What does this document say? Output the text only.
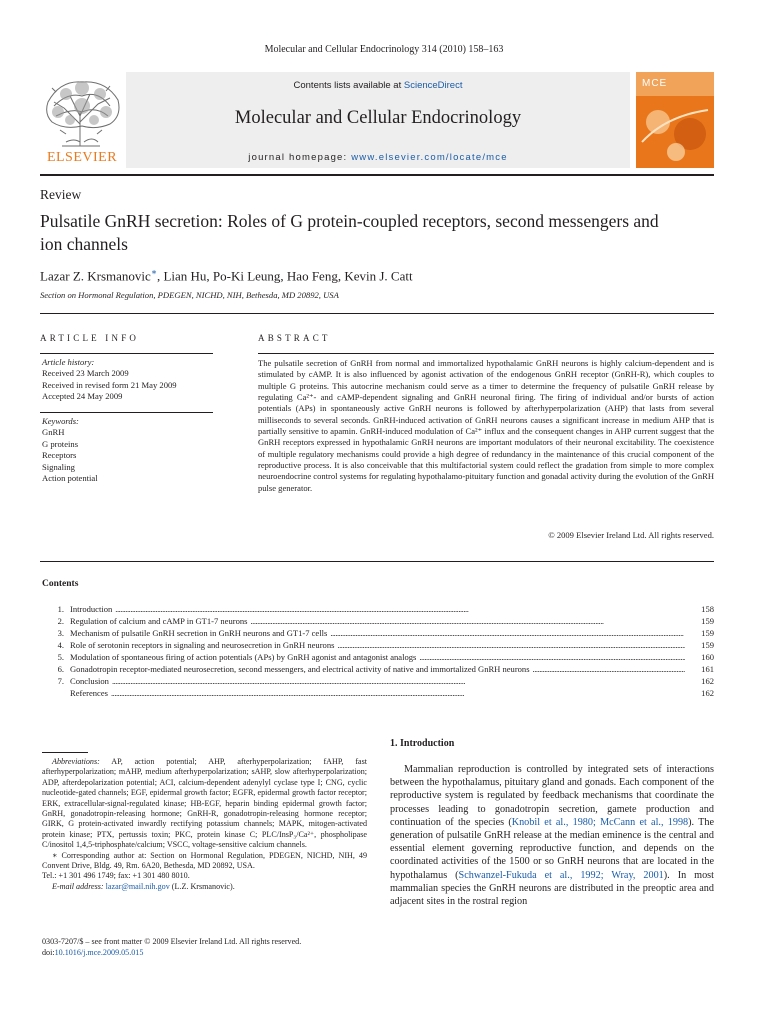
Molecular and Cellular Endocrinology 314 (2010) 158–163
ELSEVIER
Contents lists available at ScienceDirect
Molecular and Cellular Endocrinology
journal homepage: www.elsevier.com/locate/mce
MCE
Review
Pulsatile GnRH secretion: Roles of G protein-coupled receptors, second messengers and ion channels
Lazar Z. Krsmanovic∗, Lian Hu, Po-Ki Leung, Hao Feng, Kevin J. Catt
Section on Hormonal Regulation, PDEGEN, NICHD, NIH, Bethesda, MD 20892, USA
ARTICLE INFO	ABSTRACT
Article history:
Received 23 March 2009
Received in revised form 21 May 2009
Accepted 24 May 2009
Keywords:
GnRH
G proteins
Receptors
Signaling
Action potential
The pulsatile secretion of GnRH from normal and immortalized hypothalamic GnRH neurons is highly calcium-dependent and is stimulated by cAMP. It is also influenced by agonist activation of the endogenous GnRH receptor (GnRH-R), which couples to multiple G proteins. This autocrine mechanism could serve as a timer to determine the frequency of pulsatile GnRH release by regulating Ca²⁺- and cAMP-dependent signaling and GnRH neuronal firing. The firing of individual and/or bursts of action potentials (APs) in spontaneously active GnRH neurons is followed by afterhyperpolarization (AHP) that lasts from several milliseconds to several seconds. GnRH-induced activation of GnRH neurons causes a significant increase in medium AHP that is partially sensitive to apamin. GnRH-induced modulation of Ca²⁺ influx and the consequent changes in AHP current suggest that the GnRH receptors expressed in hypothalamic GnRH neurons are important modulators of their neuronal excitability. The coexistence of multiple regulatory mechanisms could provide a high degree of redundancy in the maintenance of this crucial component of the reproductive process. It is also conceivable that this multifactorial system could reflect the gradation from simple to more complex neuroendocrine control systems for regulating hypothalamo-pituitary function and gonadal activity during the evolution of the GnRH pulse generator.
© 2009 Elsevier Ireland Ltd. All rights reserved.
Contents
1. Introduction . . .	158
2. Regulation of calcium and cAMP in GT1-7 neurons . . .	159
3. Mechanism of pulsatile GnRH secretion in GnRH neurons and GT1-7 cells . . .	159
4. Role of serotonin receptors in signaling and neurosecretion in GnRH neurons . . .	159
5. Modulation of spontaneous firing of action potentials (APs) by GnRH agonist and antagonist analogs . . .	160
6. Gonadotropin receptor-mediated neurosecretion, second messengers, and electrical activity of native and immortalized GnRH neurons . . .	161
7. Conclusion . . .	162
References . . .	162

Abbreviations: AP, action potential; AHP, afterhyperpolarization; fAHP, fast afterhyperpolarization; mAHP, medium afterhyperpolarization; sAHP, slow afterhyperpolarization; ADP, afterdepolarization potential; ACI, calcium-dependent adenylyl cyclase type I; CNG, cyclic nucleotide-gated channels; EGF, epidermal growth factor; EGFR, epidermal growth factor receptor; ERK, extracellular-signal-regulated kinase; HB-EGF, heparin binding epidermal growth factor; GnRH, gonadotropin-releasing hormone; GnRH-R, gonadotropin-releasing hormone receptor; GIRK, G protein-activated inwardly rectifying potassium channels; MAPK, mitogen-activated protein kinase; PTX, pertussis toxin; PKC, protein kinase C; PLC/InsP₃/Ca²⁺, phospholipase C/inositol 1,4,5-triphosphate/calcium; VSCC, voltage-sensitive calcium channels.

∗ Corresponding author at: Section on Hormonal Regulation, PDEGEN, NICHD, NIH, 49 Convent Drive, Bldg. 49, Rm. 6A20, Bethesda, MD 20892, USA.

Tel.: +1 301 496 1749; fax: +1 301 480 8010.

E-mail address: lazar@mail.nih.gov (L.Z. Krsmanovic).

0303-7207/$ – see front matter © 2009 Elsevier Ireland Ltd. All rights reserved.
doi:10.1016/j.mce.2009.05.015
1. Introduction
Mammalian reproduction is controlled by integrated sets of interactions between the hypothalamus, pituitary gland and gonads. Each component of the reproductive system is regulated by feedback mechanisms that coordinate the processes leading to gonadotropin secretion, gamete production and continuation of the species (Knobil et al., 1980; McCann et al., 1998). The generation of pulsatile GnRH release at the median eminence is the central and essential element governing reproductive function, and depends on the coordinated activities of the 1500 or so GnRH neurons that are located in the hypothalamus (Schwanzel-Fukuda et al., 1992; Wray, 2001). In most mammalian species the GnRH neurons are distributed in the preoptic area and adjacent sites in the rostral region
